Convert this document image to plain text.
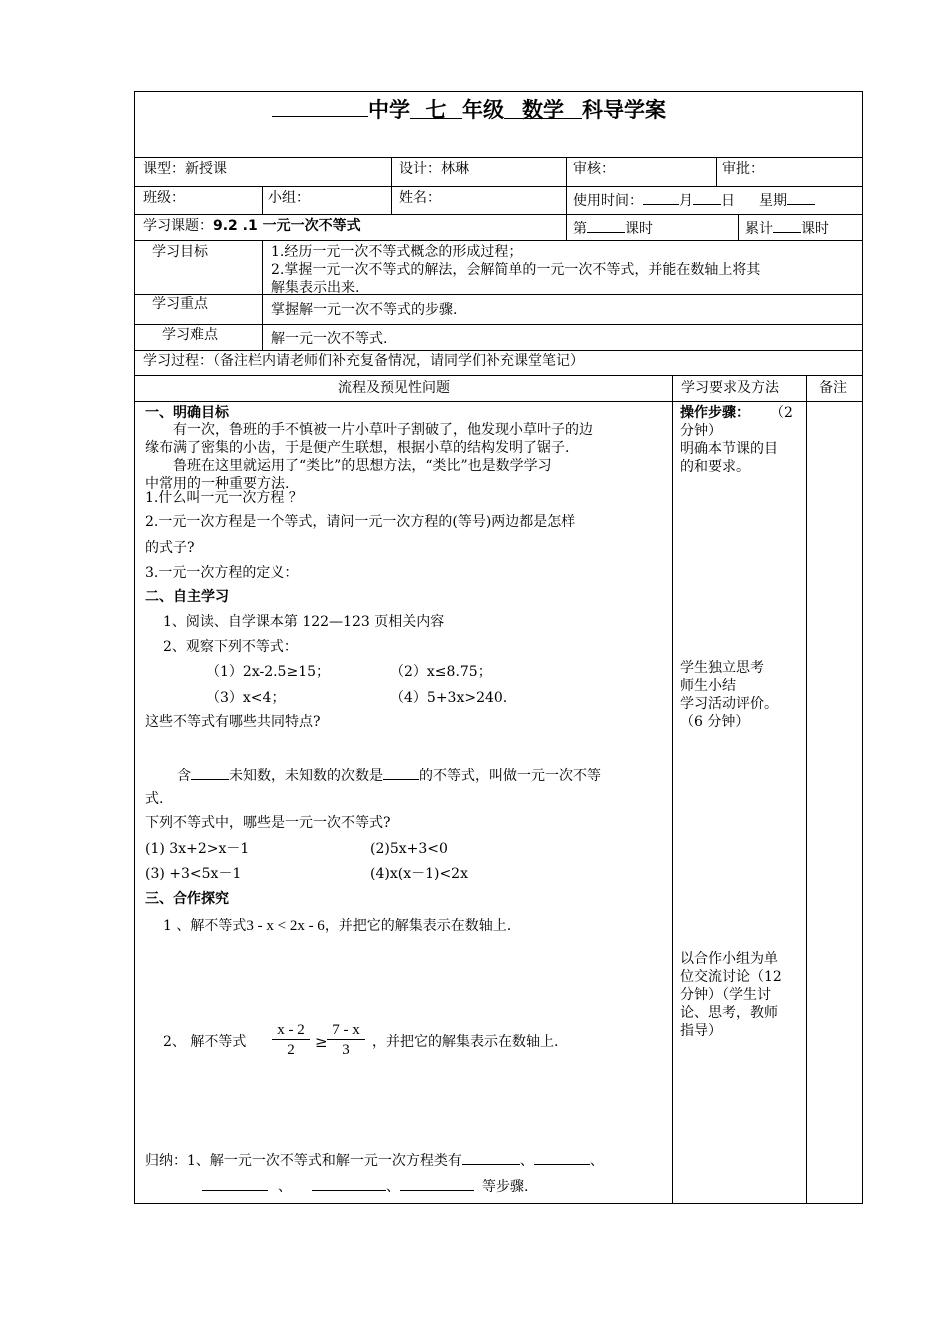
中学 七 年级 数学 科导学案
课型：新授课	设计：林琳	审核：	审批：
班级：	小组：	姓名：	使用时间：	月 日 星期
学习课题：9.2 .1 一元一次不等式	第	课时	累计 课时
学习目标	1.经历一元一次不等式概念的形成过程；
2.掌握一元一次不等式的解法，会解简单的一元一次不等式，并能在数轴上将其
解集表示出来.
学习重点	掌握解一元一次不等式的步骤.
学习难点	解一元一次不等式.
学习过程：（备注栏内请老师们补充复备情况，请同学们补充课堂笔记）
流程及预见性问题	学习要求及方法	备注
一、明确目标
有一次，鲁班的手不慎被一片小草叶子割破了，他发现小草叶子的边
缘布满了密集的小齿，于是便产生联想，根据小草的结构发明了锯子.
鲁班在这里就运用了“类比”的思想方法，“类比”也是数学学习
中常用的一种重要方法.
1.什么叫一元一次方程 ？
2.一元一次方程是一个等式，请问一元一次方程的(等号)两边都是怎样
的式子?
3.一元一次方程的定义：
二、自主学习
1、阅读、自学课本第 122—123 页相关内容
2、观察下列不等式：
（1）2x-2.5≥15；	（2）x≤8.75；
（3）x<4；	（4）5+3x>240.
这些不等式有哪些共同特点?
含	未知数，未知数的次数是	的不等式，叫做一元一次不等
式.
下列不等式中，哪些是一元一次不等式?
(1) 3x+2>x－1	(2)5x+3<0
(3) +3<5x－1	(4)x(x－1)<2x
三、合作探究
1 、解不等式3 - x < 2x - 6，并把它的解集表示在数轴上.
2、 解不等式 $\frac{x - 2}{2} \ge \frac{7 - x}{3}$ ，并把它的解集表示在数轴上.
归纳：1、解一元一次不等式和解一元一次方程类有	、	、
、	、	等步骤.
操作步骤： （2
分钟）
明确本节课的目
的和要求。
学生独立思考
师生小结
学习活动评价。
（6 分钟）
以合作小组为单
位交流讨论（12
分钟）（学生讨
论、思考，教师
指导）
